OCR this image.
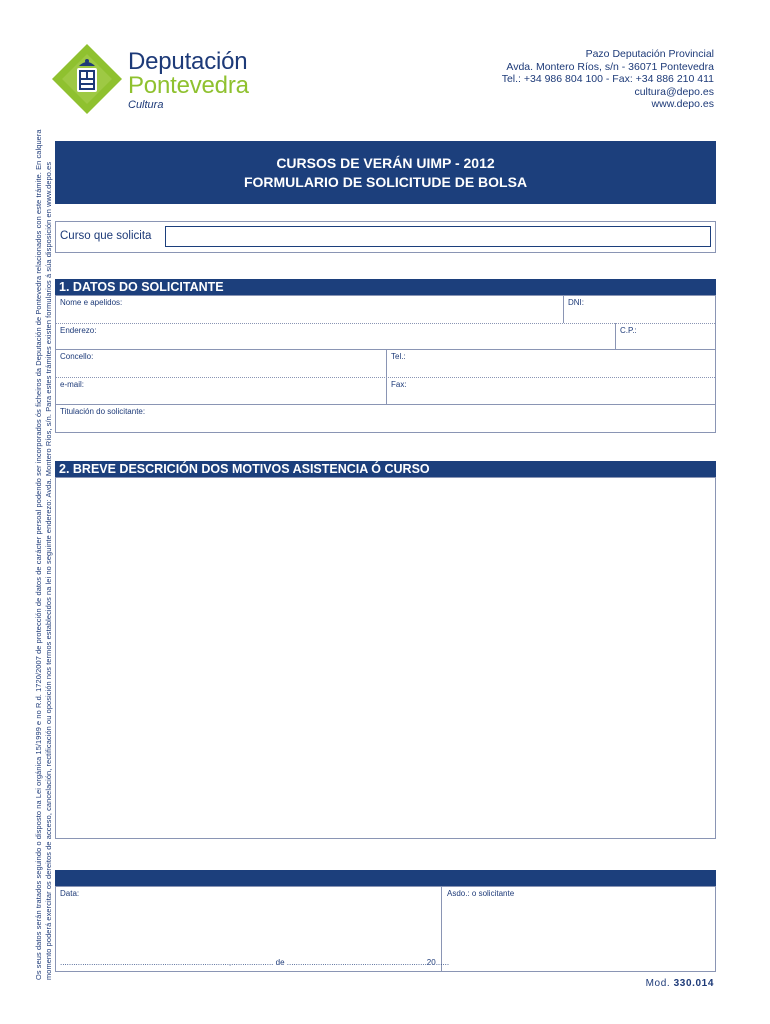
Deputación
Pontevedra
Cultura
Pazo Deputación Provincial
Avda. Montero Ríos, s/n - 36071 Pontevedra
Tel.: +34 986 804 100 - Fax: +34 886 210 411
cultura@depo.es
www.depo.es
Os seus datos serán tratados seguindo o disposto na Lei orgánica 15/1999 e no R.d. 1720/2007 de protección de datos de carácter persoal podendo ser incorporados ós ficheiros da Deputación de Pontevedra relacionados con este trámite. En calquera momento poderá exercitar os dereitos de acceso, cancelación, rectificación ou oposición nos termos establecidos na lei no seguinte enderezo: Avda. Montero Ríos, s/n. Para estes trámites existen formularios á súa disposición en www.depo.es	CURSOS DE VERÁN UIMP - 2012
FORMULARIO DE SOLICITUDE DE BOLSA
Curso que solicita
1. DATOS DO SOLICITANTE
Nome e apelidos:	DNI:
Enderezo:	C.P.:
Concello:	Tel.:
e-mail:	Fax:
Titulación do solicitante:
2. BREVE DESCRICIÓN DOS MOTIVOS ASISTENCIA Ó CURSO
Data:	Asdo.: o solicitante
............................................................................,................... de ...............................................................20......
Mod. 330.014
